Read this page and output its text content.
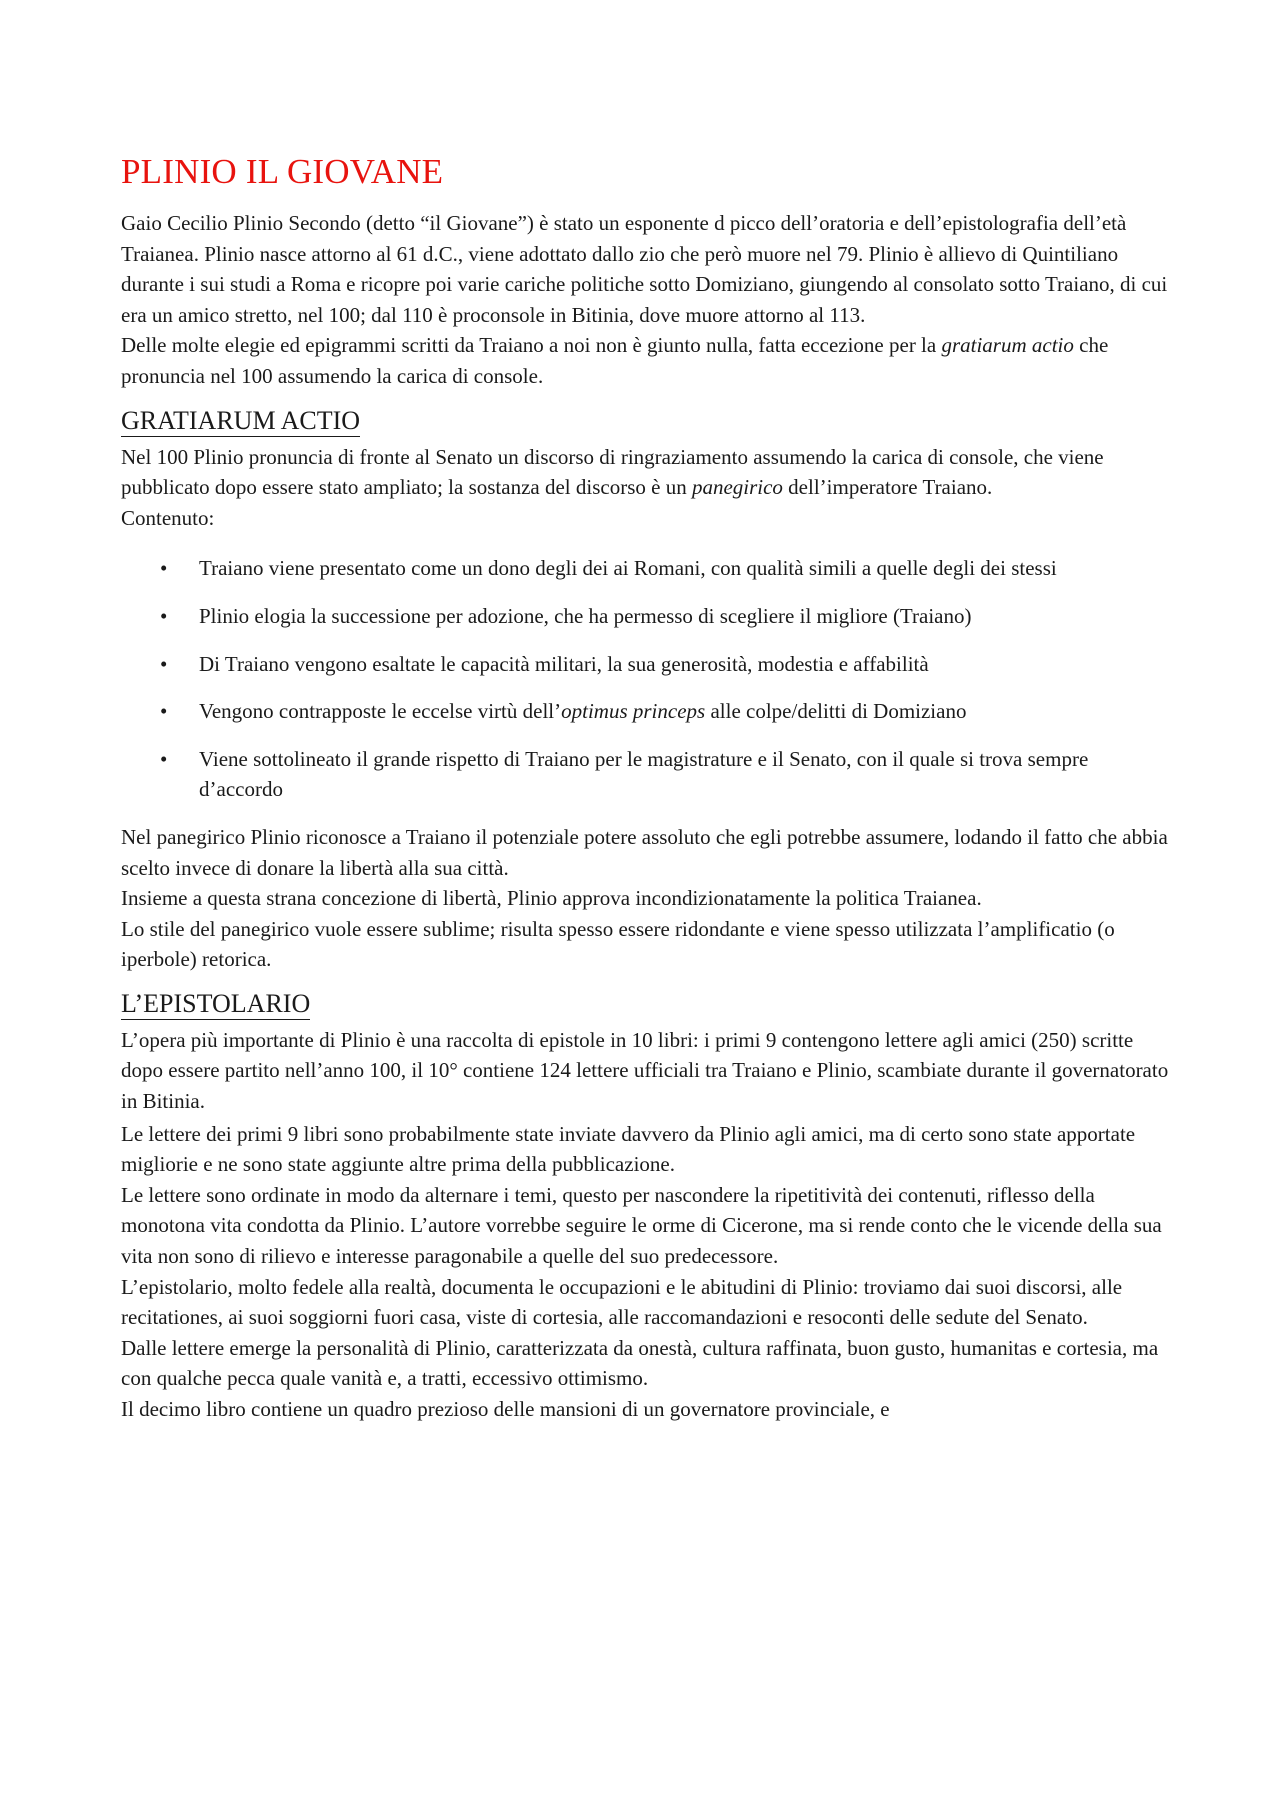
PLINIO IL GIOVANE

Gaio Cecilio Plinio Secondo (detto “il Giovane”) è stato un esponente d picco dell’oratoria e dell’epistolografia dell’età Traianea. Plinio nasce attorno al 61 d.C., viene adottato dallo zio che però muore nel 79. Plinio è allievo di Quintiliano durante i sui studi a Roma e ricopre poi varie cariche politiche sotto Domiziano, giungendo al consolato sotto Traiano, di cui era un amico stretto, nel 100; dal 110 è proconsole in Bitinia, dove muore attorno al 113.

Delle molte elegie ed epigrammi scritti da Traiano a noi non è giunto nulla, fatta eccezione per la gratiarum actio che pronuncia nel 100 assumendo la carica di console.

GRATIARUM ACTIO

Nel 100 Plinio pronuncia di fronte al Senato un discorso di ringraziamento assumendo la carica di console, che viene pubblicato dopo essere stato ampliato; la sostanza del discorso è un panegirico dell’imperatore Traiano.

Contenuto:

• Traiano viene presentato come un dono degli dei ai Romani, con qualità simili a quelle degli dei stessi
• Plinio elogia la successione per adozione, che ha permesso di scegliere il migliore (Traiano)
• Di Traiano vengono esaltate le capacità militari, la sua generosità, modestia e affabilità
• Vengono contrapposte le eccelse virtù dell’optimus princeps alle colpe/delitti di Domiziano
• Viene sottolineato il grande rispetto di Traiano per le magistrature e il Senato, con il quale si trova sempre d’accordo

Nel panegirico Plinio riconosce a Traiano il potenziale potere assoluto che egli potrebbe assumere, lodando il fatto che abbia scelto invece di donare la libertà alla sua città.

Insieme a questa strana concezione di libertà, Plinio approva incondizionatamente la politica Traianea.

Lo stile del panegirico vuole essere sublime; risulta spesso essere ridondante e viene spesso utilizzata l’amplificatio (o iperbole) retorica.

L’EPISTOLARIO

L’opera più importante di Plinio è una raccolta di epistole in 10 libri: i primi 9 contengono lettere agli amici (250) scritte dopo essere partito nell’anno 100, il 10° contiene 124 lettere ufficiali tra Traiano e Plinio, scambiate durante il governatorato in Bitinia.

Le lettere dei primi 9 libri sono probabilmente state inviate davvero da Plinio agli amici, ma di certo sono state apportate migliorie e ne sono state aggiunte altre prima della pubblicazione.

Le lettere sono ordinate in modo da alternare i temi, questo per nascondere la ripetitività dei contenuti, riflesso della monotona vita condotta da Plinio. L’autore vorrebbe seguire le orme di Cicerone, ma si rende conto che le vicende della sua vita non sono di rilievo e interesse paragonabile a quelle del suo predecessore.

L’epistolario, molto fedele alla realtà, documenta le occupazioni e le abitudini di Plinio: troviamo dai suoi discorsi, alle recitationes, ai suoi soggiorni fuori casa, viste di cortesia, alle raccomandazioni e resoconti delle sedute del Senato.

Dalle lettere emerge la personalità di Plinio, caratterizzata da onestà, cultura raffinata, buon gusto, humanitas e cortesia, ma con qualche pecca quale vanità e, a tratti, eccessivo ottimismo.

Il decimo libro contiene un quadro prezioso delle mansioni di un governatore provinciale, e
